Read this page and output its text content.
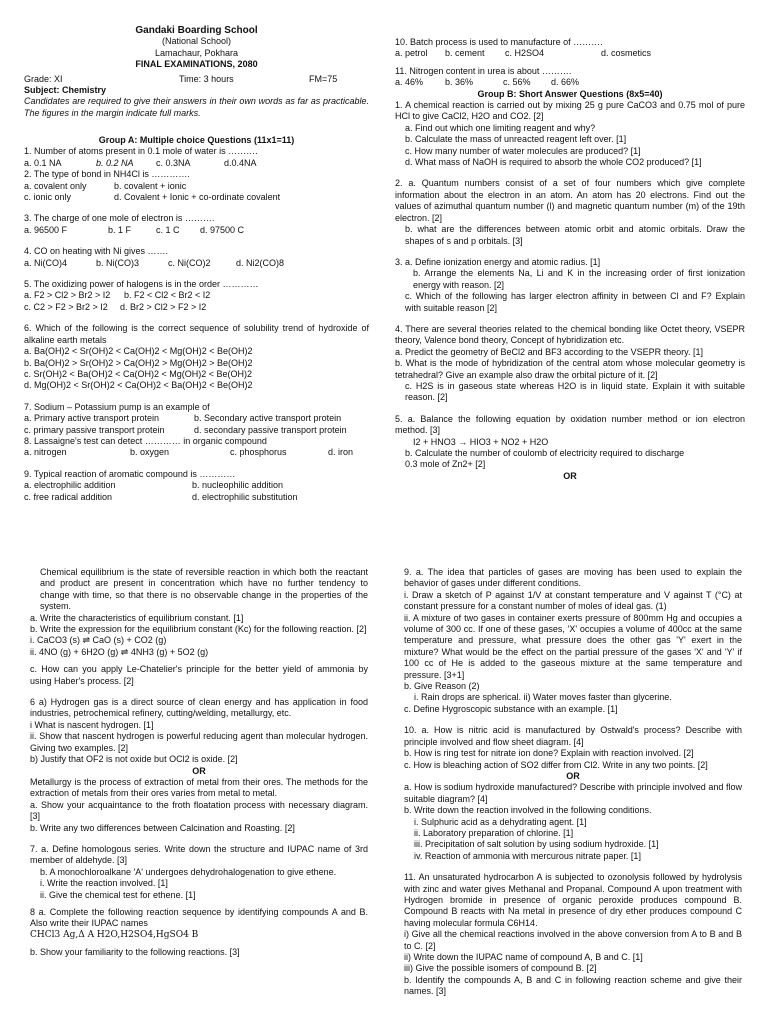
Gandaki Boarding School
(National School)
Lamachaur, Pokhara
FINAL EXAMINATIONS, 2080
Grade: XI	Time: 3 hours	FM=75
Subject: Chemistry
Candidates are required to give their answers in their own words as far as practicable. The figures in the margin indicate full marks.
Group A: Multiple choice Questions (11x1=11)
1. Number of atoms present in 0.1 mole of water is ……….
a. 0.1 NA	b. 0.2 NA	c. 0.3NA	d.0.4NA
2. The type of bond in NH4Cl is ………….
a. covalent only	b. covalent + ionic
c. ionic only	d. Covalent + Ionic + co-ordinate covalent
3. The charge of one mole of electron is ……….
a. 96500 F	b. 1 F	c. 1 C	d. 97500 C
4. CO on heating with Ni gives …….
a. Ni(CO)4	b. Ni(CO)3	c. Ni(CO)2	d. Ni2(CO)8
5. The oxidizing power of halogens is in the order …………
a. F2 > Cl2 > Br2 > I2	b. F2 < Cl2 < Br2 < I2
c. C2 > F2 > Br2 > I2	d. Br2 > Cl2 > F2 > I2
6. Which of the following is the correct sequence of solubility trend of hydroxide of alkaline earth metals
a. Ba(OH)2 < Sr(OH)2 < Ca(OH)2 < Mg(OH)2 < Be(OH)2
b. Ba(OH)2 > Sr(OH)2 > Ca(OH)2 > Mg(OH)2 > Be(OH)2
c. Sr(OH)2 < Ba(OH)2 < Ca(OH)2 < Mg(OH)2 < Be(OH)2
d. Mg(OH)2 < Sr(OH)2 < Ca(OH)2 < Ba(OH)2 < Be(OH)2
7. Sodium – Potassium pump is an example of
a. Primary active transport protein	b. Secondary active transport protein
c. primary passive transport protein	d. secondary passive transport protein
8. Lassaigne's test can detect ………… in organic compound
a. nitrogen	b. oxygen	c. phosphorus	d. iron
9. Typical reaction of aromatic compound is …………
a. electrophilic addition	b. nucleophilic addition
c. free radical addition	d. electrophilic substitution
10. Batch process is used to manufacture of ……….
a. petrol	b. cement	c. H2SO4	d. cosmetics
11. Nitrogen content in urea is about ……….
a. 46%	b. 36%	c. 56%	d. 66%
Group B: Short Answer Questions (8x5=40)
1. A chemical reaction is carried out by mixing 25 g pure CaCO3 and 0.75 mol of pure HCl to give CaCl2, H2O and CO2. [2]
a. Find out which one limiting reagent and why?
b. Calculate the mass of unreacted reagent left over. [1]
c. How many number of water molecules are produced? [1]
d. What mass of NaOH is required to absorb the whole CO2 produced? [1]
2. a. Quantum numbers consist of a set of four numbers which give complete information about the electron in an atom. An atom has 20 electrons. Find out the values of azimuthal quantum number (l) and magnetic quantum number (m) of the 19th electron. [2]
b. what are the differences between atomic orbit and atomic orbitals. Draw the shapes of s and p orbitals. [3]
3. a. Define ionization energy and atomic radius. [1]
b. Arrange the elements Na, Li and K in the increasing order of first ionization energy with reason. [2]
c. Which of the following has larger electron affinity in between Cl and F? Explain with suitable reason [2]
4. There are several theories related to the chemical bonding like Octet theory, VSEPR theory, Valence bond theory, Concept of hybridization etc.
a. Predict the geometry of BeCl2 and BF3 according to the VSEPR theory. [1]
b. What is the mode of hybridization of the central atom whose molecular geometry is tetrahedral? Give an example also draw the orbital picture of it. [2]
c. H2S is in gaseous state whereas H2O is in liquid state. Explain it with suitable reason. [2]
5. a. Balance the following equation by oxidation number method or ion electron method. [3]
I2 + HNO3 → HIO3 + NO2 + H2O
b. Calculate the number of coulomb of electricity required to discharge
0.3 mole of Zn2+ [2]
OR
Chemical equilibrium is the state of reversible reaction in which both the reactant and product are present in concentration which have no further tendency to change with time, so that there is no observable change in the properties of the system.
a. Write the characteristics of equilibrium constant. [1]
b. Write the expression for the equilibrium constant (Kc) for the following reaction. [2]
i. CaCO3 (s) ⇌ CaO (s) + CO2 (g)
ii. 4NO (g) + 6H2O (g) ⇌ 4NH3 (g) + 5O2 (g)
c. How can you apply Le-Chatelier's principle for the better yield of ammonia by using Haber's process. [2]
6 a) Hydrogen gas is a direct source of clean energy and has application in food industries, petrochemical refinery, cutting/welding, metallurgy, etc.
i What is nascent hydrogen. [1]
ii. Show that nascent hydrogen is powerful reducing agent than molecular hydrogen. Giving two examples. [2]
b) Justify that OF2 is not oxide but OCl2 is oxide. [2]
OR
Metallurgy is the process of extraction of metal from their ores. The methods for the extraction of metals from their ores varies from metal to metal.
a. Show your acquaintance to the froth floatation process with necessary diagram. [3]
b. Write any two differences between Calcination and Roasting. [2]
7. a. Define homologous series. Write down the structure and IUPAC name of 3rd member of aldehyde. [3]
b. A monochloroalkane 'A' undergoes dehydrohalogenation to give ethene.
i. Write the reaction involved. [1]
ii. Give the chemical test for ethene. [1]
8 a. Complete the following reaction sequence by identifying compounds A and B. Also write their IUPAC names
CHCl3 Ag,Δ A H2O,H2SO4,HgSO4 B
b. Show your familiarity to the following reactions. [3]
9. a. The idea that particles of gases are moving has been used to explain the behavior of gases under different conditions.
i. Draw a sketch of P against 1/V at constant temperature and V against T (°C) at constant pressure for a constant number of moles of ideal gas. (1)
ii. A mixture of two gases in container exerts pressure of 800mm Hg and occupies a volume of 300 cc. If one of these gases, 'X' occupies a volume of 400cc at the same temperature and pressure, what pressure does the other gas 'Y' exert in the mixture? What would be the effect on the partial pressure of the gases 'X' and 'Y' if 100 cc of He is added to the gaseous mixture at the same temperature and pressure. [3+1]
b. Give Reason (2)
i. Rain drops are spherical. ii) Water moves faster than glycerine.
c. Define Hygroscopic substance with an example. [1]
10. a. How is nitric acid is manufactured by Ostwald's process? Describe with principle involved and flow sheet diagram. [4]
b. How is ring test for nitrate ion done? Explain with reaction involved. [2]
c. How is bleaching action of SO2 differ from Cl2. Write in any two points. [2]
OR
a. How is sodium hydroxide manufactured? Describe with principle involved and flow suitable diagram? [4]
b. Write down the reaction involved in the following conditions.
i. Sulphuric acid as a dehydrating agent. [1]
ii. Laboratory preparation of chlorine. [1]
iii. Precipitation of salt solution by using sodium hydroxide. [1]
iv. Reaction of ammonia with mercurous nitrate paper. [1]
11. An unsaturated hydrocarbon A is subjected to ozonolysis followed by hydrolysis with zinc and water gives Methanal and Propanal. Compound A upon treatment with Hydrogen bromide in presence of organic peroxide produces compound B. Compound B reacts with Na metal in presence of dry ether produces compound C having molecular formula C6H14.
i) Give all the chemical reactions involved in the above conversion from A to B and B to C. [2]
ii) Write down the IUPAC name of compound A, B and C. [1]
iii) Give the possible isomers of compound B. [2]
b. Identify the compounds A, B and C in following reaction scheme and give their names. [3]
